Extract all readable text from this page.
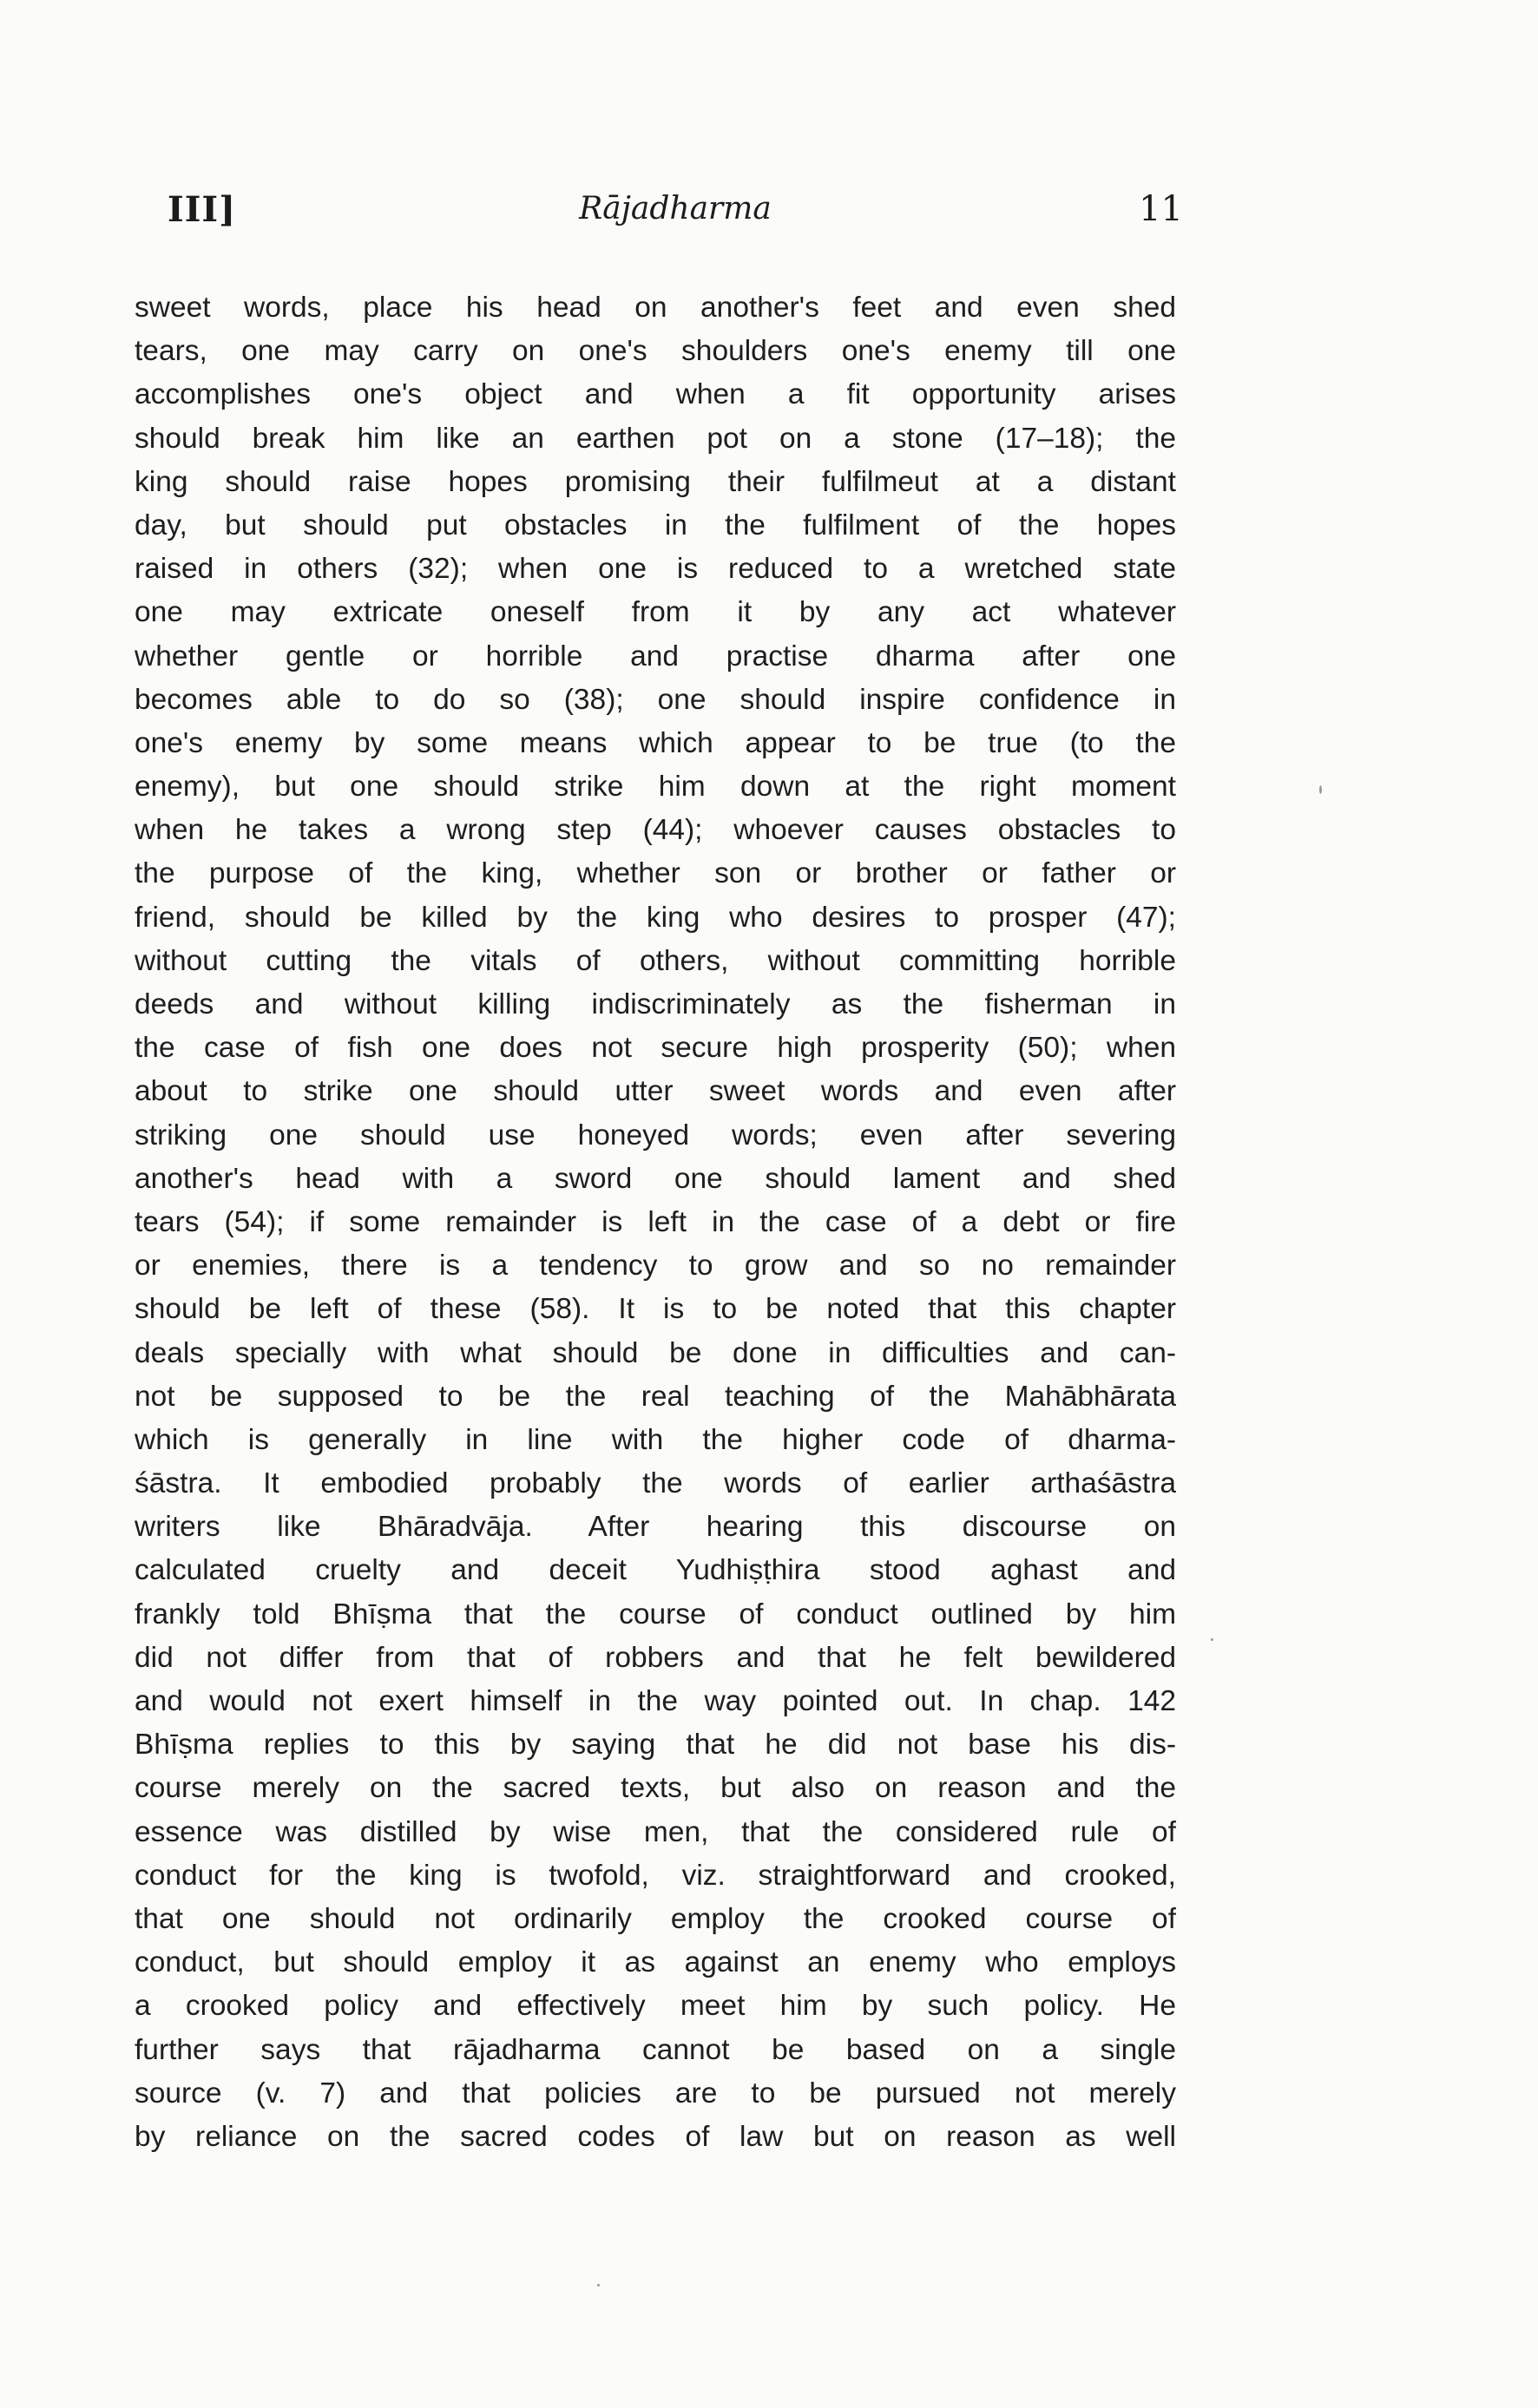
III]	Rājadharma	11
sweet words, place his head on another's feet and even shed
tears, one may carry on one's shoulders one's enemy till one
accomplishes one's object and when a fit opportunity arises
should break him like an earthen pot on a stone (17–18); the
king should raise hopes promising their fulfilmeut at a distant
day, but should put obstacles in the fulfilment of the hopes
raised in others (32); when one is reduced to a wretched state
one may extricate oneself from it by any act whatever
whether gentle or horrible and practise dharma after one
becomes able to do so (38); one should inspire confidence in
one's enemy by some means which appear to be true (to the
enemy), but one should strike him down at the right moment
when he takes a wrong step (44); whoever causes obstacles to
the purpose of the king, whether son or brother or father or
friend, should be killed by the king who desires to prosper (47);
without cutting the vitals of others, without committing horrible
deeds and without killing indiscriminately as the fisherman in
the case of fish one does not secure high prosperity (50); when
about to strike one should utter sweet words and even after
striking one should use honeyed words; even after severing
another's head with a sword one should lament and shed
tears (54); if some remainder is left in the case of a debt or fire
or enemies, there is a tendency to grow and so no remainder
should be left of these (58). It is to be noted that this chapter
deals specially with what should be done in difficulties and can-
not be supposed to be the real teaching of the Mahābhārata
which is generally in line with the higher code of dharma-
śāstra. It embodied probably the words of earlier arthaśāstra
writers like Bhāradvāja. After hearing this discourse on
calculated cruelty and deceit Yudhiṣṭhira stood aghast and
frankly told Bhīṣma that the course of conduct outlined by him
did not differ from that of robbers and that he felt bewildered
and would not exert himself in the way pointed out. In chap. 142
Bhīṣma replies to this by saying that he did not base his dis-
course merely on the sacred texts, but also on reason and the
essence was distilled by wise men, that the considered rule of
conduct for the king is twofold, viz. straightforward and crooked,
that one should not ordinarily employ the crooked course of
conduct, but should employ it as against an enemy who employs
a crooked policy and effectively meet him by such policy. He
further says that rājadharma cannot be based on a single
source (v. 7) and that policies are to be pursued not merely
by reliance on the sacred codes of law but on reason as well
